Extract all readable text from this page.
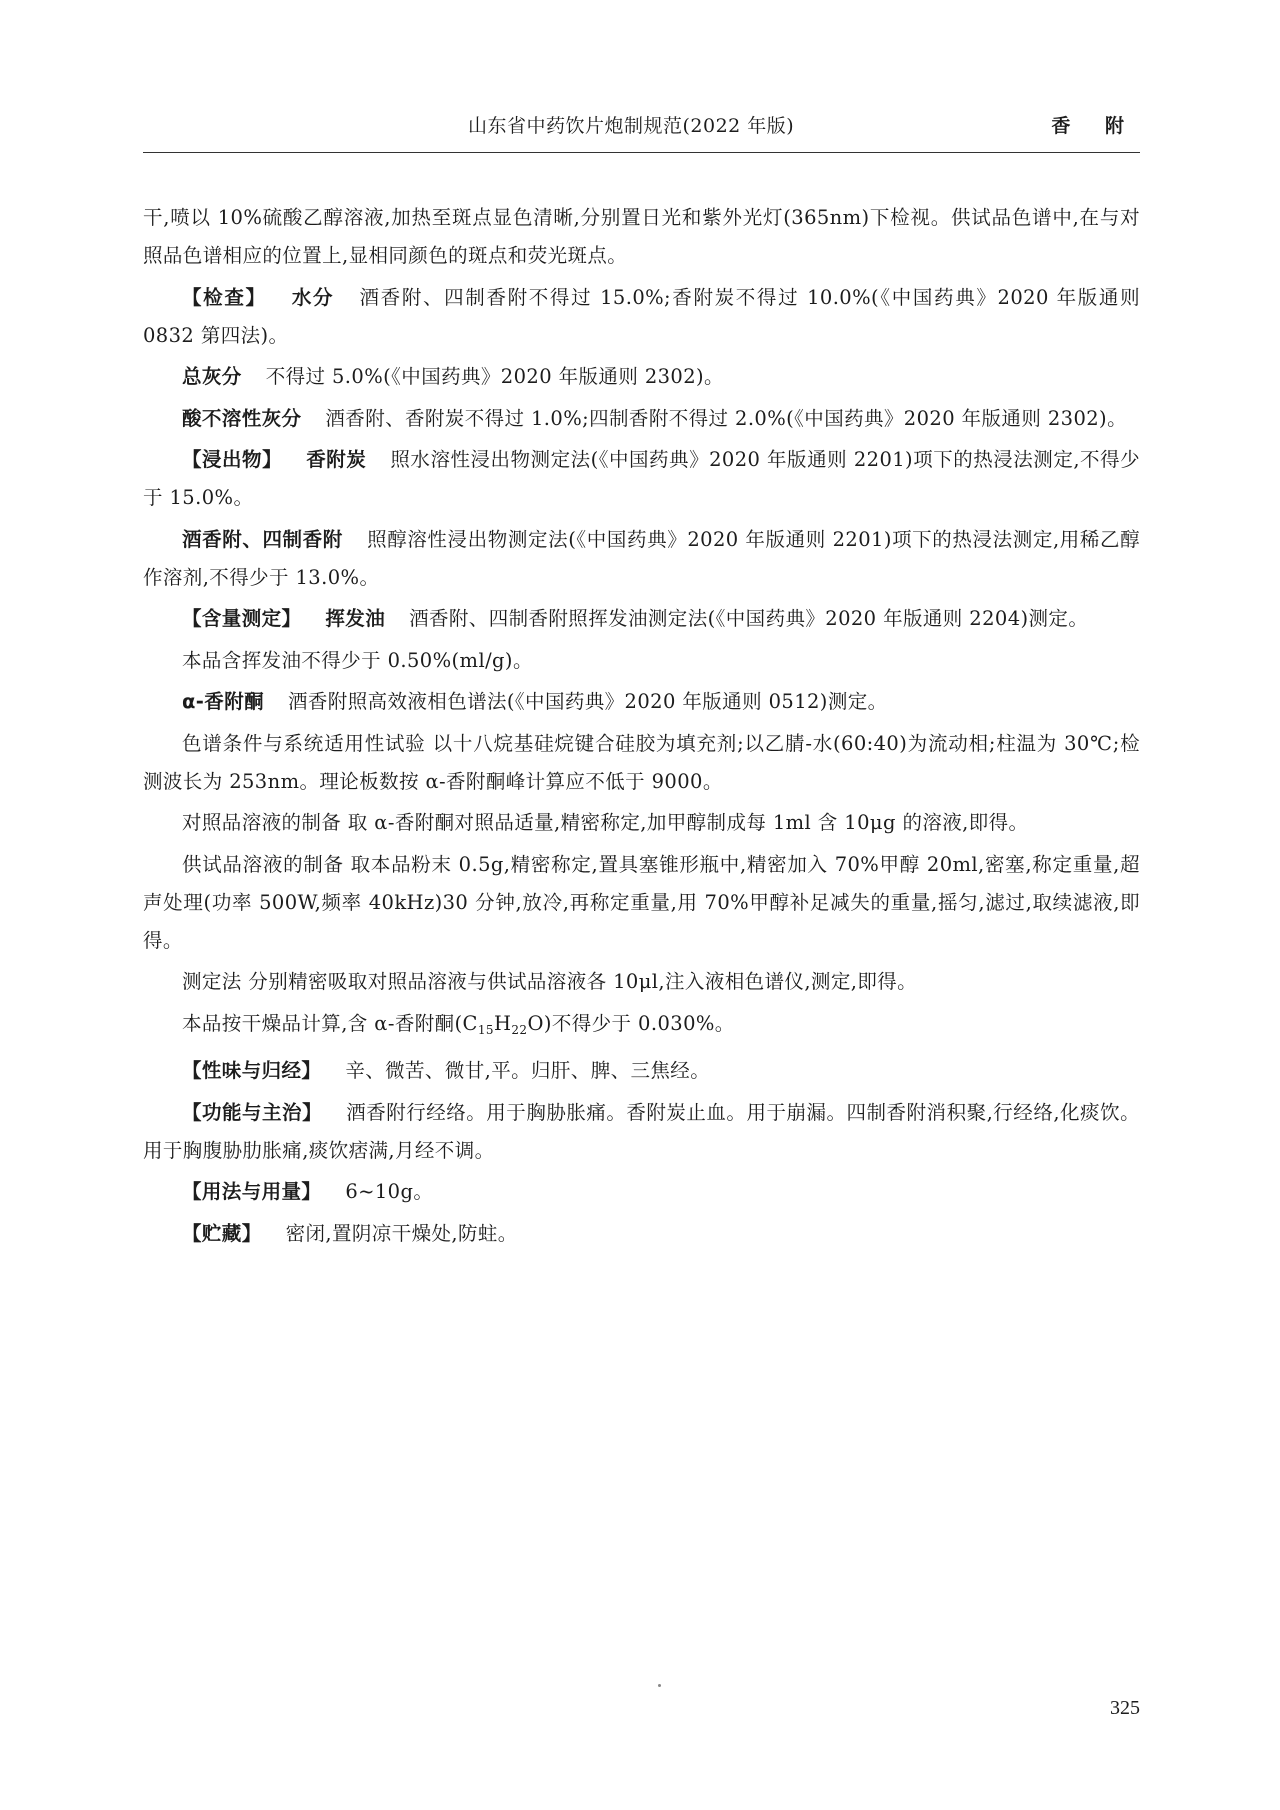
山东省中药饮片炮制规范(2022 年版)	香 附

干,喷以 10%硫酸乙醇溶液,加热至斑点显色清晰,分别置日光和紫外光灯(365nm)下检视。供试品色谱中,在与对照品色谱相应的位置上,显相同颜色的斑点和荧光斑点。

【检查】 水分 酒香附、四制香附不得过 15.0%;香附炭不得过 10.0%(《中国药典》2020 年版通则 0832 第四法)。

总灰分 不得过 5.0%(《中国药典》2020 年版通则 2302)。

酸不溶性灰分 酒香附、香附炭不得过 1.0%;四制香附不得过 2.0%(《中国药典》2020 年版通则 2302)。

【浸出物】 香附炭 照水溶性浸出物测定法(《中国药典》2020 年版通则 2201)项下的热浸法测定,不得少于 15.0%。

酒香附、四制香附 照醇溶性浸出物测定法(《中国药典》2020 年版通则 2201)项下的热浸法测定,用稀乙醇作溶剂,不得少于 13.0%。

【含量测定】 挥发油 酒香附、四制香附照挥发油测定法(《中国药典》2020 年版通则 2204)测定。

本品含挥发油不得少于 0.50%(ml/g)。

α-香附酮 酒香附照高效液相色谱法(《中国药典》2020 年版通则 0512)测定。

色谱条件与系统适用性试验 以十八烷基硅烷键合硅胶为填充剂;以乙腈-水(60:40)为流动相;柱温为 30℃;检测波长为 253nm。理论板数按 α-香附酮峰计算应不低于 9000。

对照品溶液的制备 取 α-香附酮对照品适量,精密称定,加甲醇制成每 1ml 含 10μg 的溶液,即得。

供试品溶液的制备 取本品粉末 0.5g,精密称定,置具塞锥形瓶中,精密加入 70%甲醇 20ml,密塞,称定重量,超声处理(功率 500W,频率 40kHz)30 分钟,放冷,再称定重量,用 70%甲醇补足减失的重量,摇匀,滤过,取续滤液,即得。

测定法 分别精密吸取对照品溶液与供试品溶液各 10μl,注入液相色谱仪,测定,即得。

本品按干燥品计算,含 α-香附酮$(C_{15}H_{22}O)$不得少于 0.030%。

【性味与归经】 辛、微苦、微甘,平。归肝、脾、三焦经。

【功能与主治】 酒香附行经络。用于胸胁胀痛。香附炭止血。用于崩漏。四制香附消积聚,行经络,化痰饮。用于胸腹胁肋胀痛,痰饮痞满,月经不调。

【用法与用量】 6~10g。

【贮藏】 密闭,置阴凉干燥处,防蛀。

325
